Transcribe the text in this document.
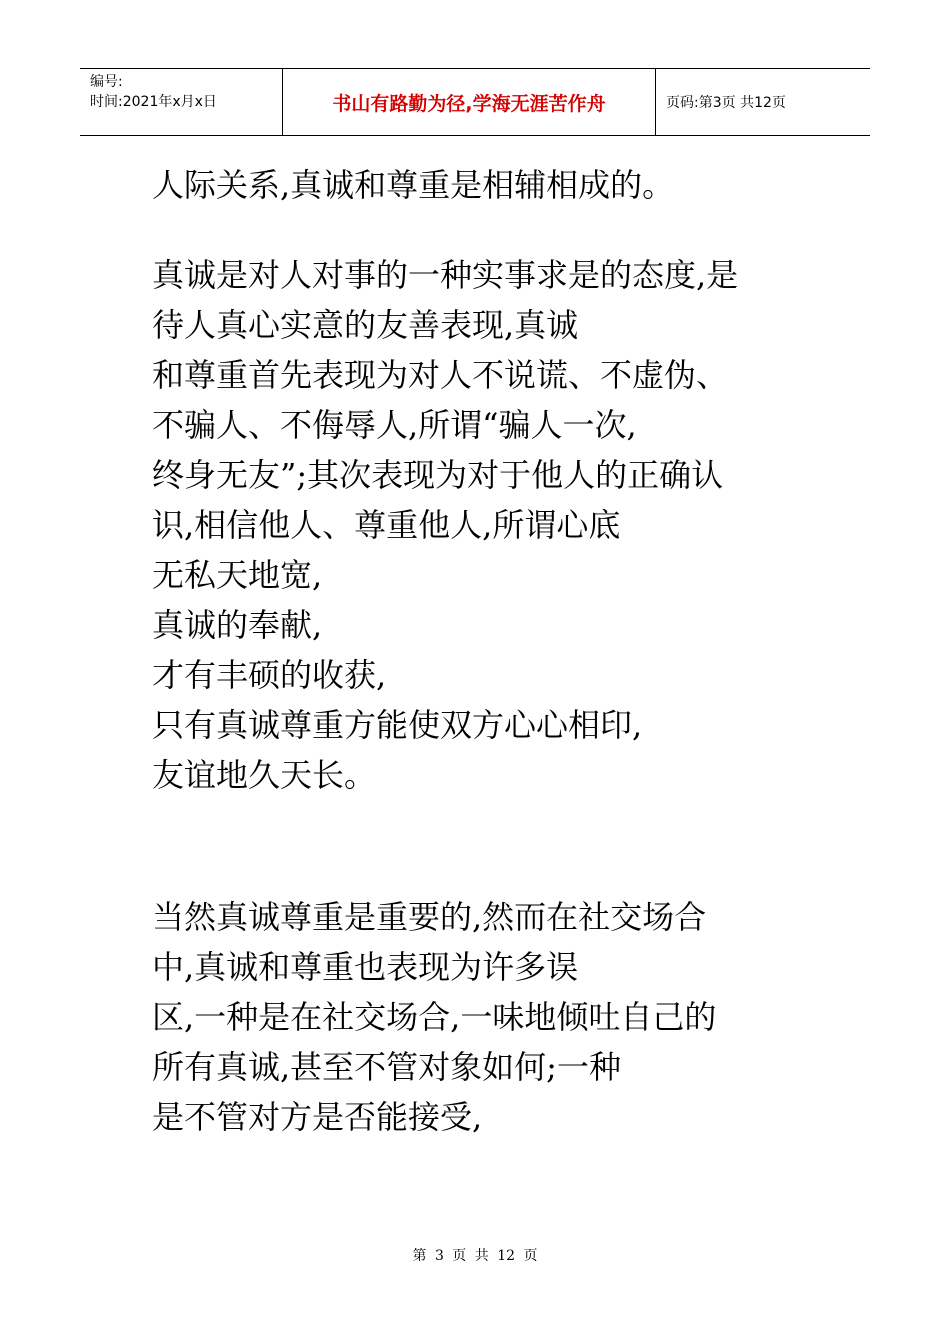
编号:
时间:2021年x月x日	书山有路勤为径,学海无涯苦作舟	页码:第3页 共12页

人际关系,真诚和尊重是相辅相成的。

真诚是对人对事的一种实事求是的态度,是

待人真心实意的友善表现,真诚

和尊重首先表现为对人不说谎、不虚伪、

不骗人、不侮辱人,所谓“骗人一次,

终身无友”;其次表现为对于他人的正确认

识,相信他人、尊重他人,所谓心底

无私天地宽,

真诚的奉献,

才有丰硕的收获,

只有真诚尊重方能使双方心心相印,

友谊地久天长。

当然真诚尊重是重要的,然而在社交场合

中,真诚和尊重也表现为许多误

区,一种是在社交场合,一味地倾吐自己的

所有真诚,甚至不管对象如何;一种

是不管对方是否能接受,

第 3 页 共 12 页
